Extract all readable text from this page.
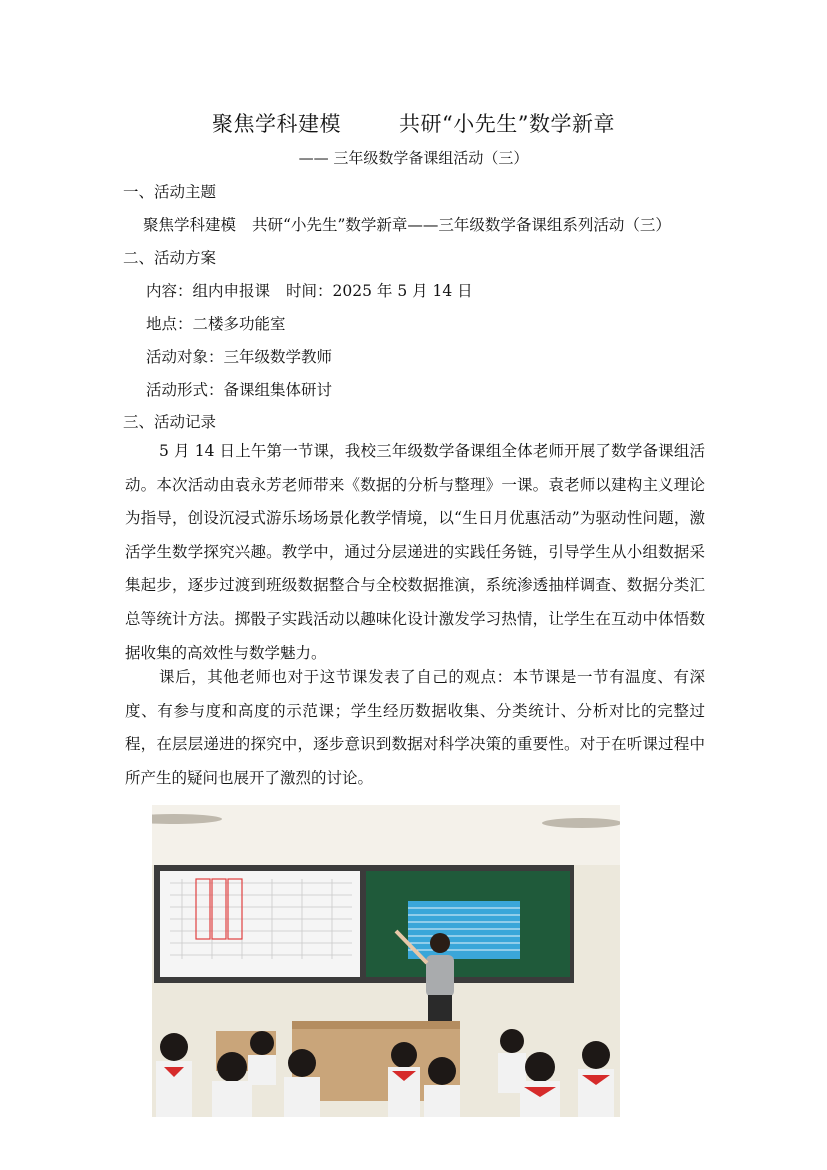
聚焦学科建模	共研“小先生”数学新章
—— 三年级数学备课组活动（三）
一、活动主题
聚焦学科建模 共研“小先生”数学新章——三年级数学备课组系列活动（三）
二、活动方案
内容：组内申报课 时间：2025 年 5 月 14 日
地点：二楼多功能室
活动对象：三年级数学教师
活动形式：备课组集体研讨
三、活动记录

5 月 14 日上午第一节课，我校三年级数学备课组全体老师开展了数学备课组活动。本次活动由袁永芳老师带来《数据的分析与整理》一课。袁老师以建构主义理论为指导，创设沉浸式游乐场场景化教学情境，以“生日月优惠活动”为驱动性问题，激活学生数学探究兴趣。教学中，通过分层递进的实践任务链，引导学生从小组数据采集起步，逐步过渡到班级数据整合与全校数据推演，系统渗透抽样调查、数据分类汇总等统计方法。掷骰子实践活动以趣味化设计激发学习热情，让学生在互动中体悟数据收集的高效性与数学魅力。

课后，其他老师也对于这节课发表了自己的观点：本节课是一节有温度、有深度、有参与度和高度的示范课；学生经历数据收集、分类统计、分析对比的完整过程，在层层递进的探究中，逐步意识到数据对科学决策的重要性。对于在听课过程中所产生的疑问也展开了激烈的讨论。
